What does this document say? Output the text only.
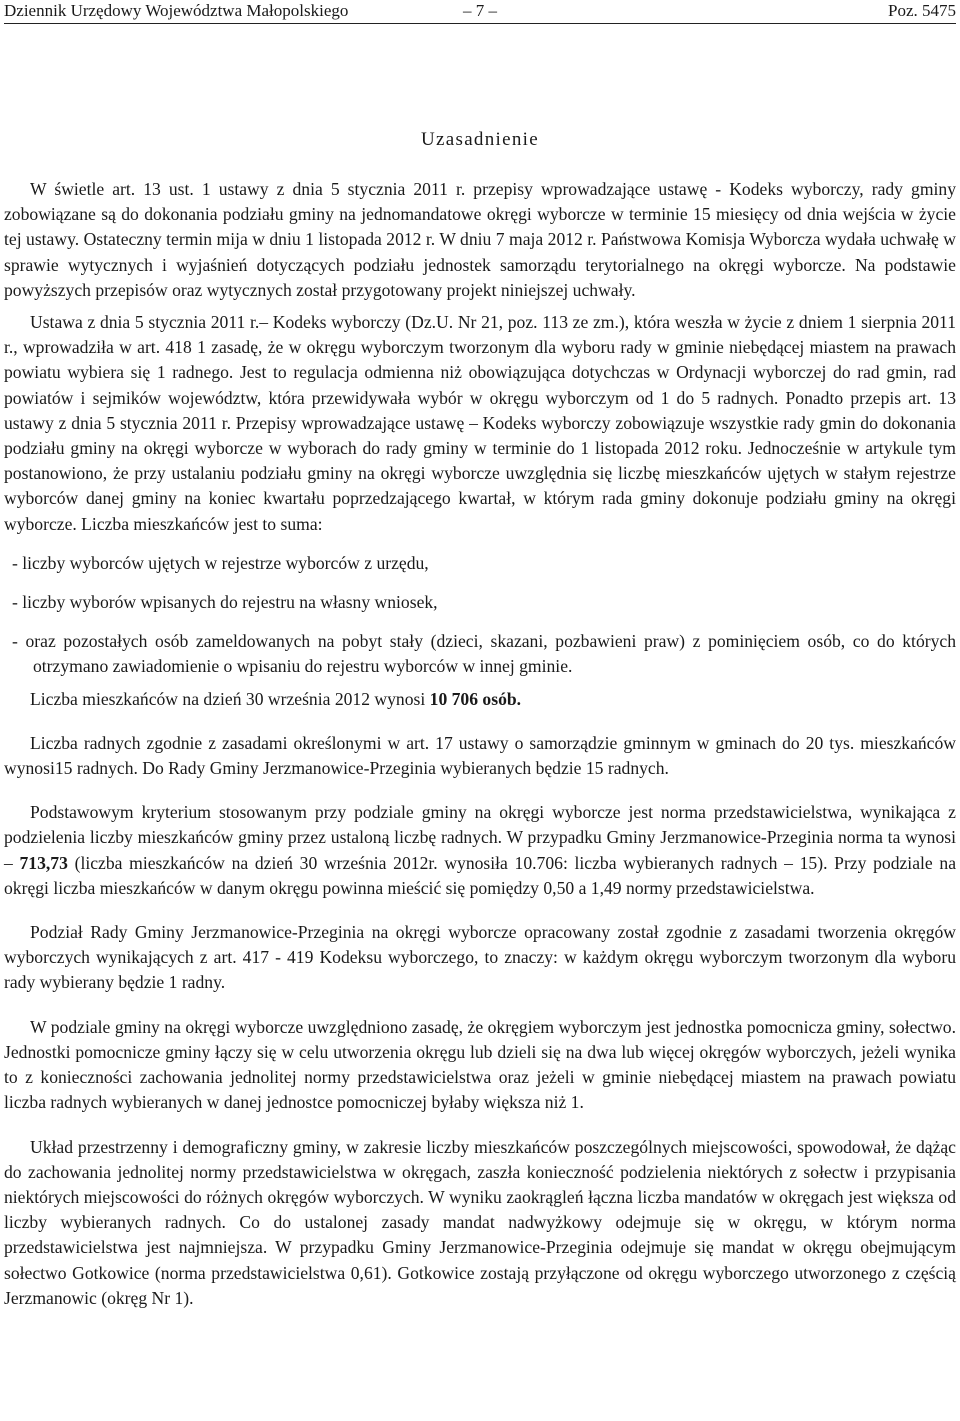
Dziennik Urzędowy Województwa Małopolskiego	– 7 –	Poz. 5475
Uzasadnienie

W świetle art. 13 ust. 1 ustawy z dnia 5 stycznia 2011 r. przepisy wprowadzające ustawę - Kodeks wyborczy, rady gminy zobowiązane są do dokonania podziału gminy na jednomandatowe okręgi wyborcze w terminie 15 miesięcy od dnia wejścia w życie tej ustawy. Ostateczny termin mija w dniu 1 listopada 2012 r. W dniu 7 maja 2012 r. Państwowa Komisja Wyborcza wydała uchwałę w sprawie wytycznych i wyjaśnień dotyczących podziału jednostek samorządu terytorialnego na okręgi wyborcze. Na podstawie powyższych przepisów oraz wytycznych został przygotowany projekt niniejszej uchwały.

Ustawa z dnia 5 stycznia 2011 r.– Kodeks wyborczy (Dz.U. Nr 21, poz. 113 ze zm.), która weszła w życie z dniem 1 sierpnia 2011 r., wprowadziła w art. 418 1 zasadę, że w okręgu wyborczym tworzonym dla wyboru rady w gminie niebędącej miastem na prawach powiatu wybiera się 1 radnego. Jest to regulacja odmienna niż obowiązująca dotychczas w Ordynacji wyborczej do rad gmin, rad powiatów i sejmików województw, która przewidywała wybór w okręgu wyborczym od 1 do 5 radnych. Ponadto przepis art. 13 ustawy z dnia 5 stycznia 2011 r. Przepisy wprowadzające ustawę – Kodeks wyborczy zobowiązuje wszystkie rady gmin do dokonania podziału gminy na okręgi wyborcze w wyborach do rady gminy w terminie do 1 listopada 2012 roku. Jednocześnie w artykule tym postanowiono, że przy ustalaniu podziału gminy na okręgi wyborcze uwzględnia się liczbę mieszkańców ujętych w stałym rejestrze wyborców danej gminy na koniec kwartału poprzedzającego kwartał, w którym rada gminy dokonuje podziału gminy na okręgi wyborcze. Liczba mieszkańców jest to suma:

- liczby wyborców ujętych w rejestrze wyborców z urzędu,

- liczby wyborów wpisanych do rejestru na własny wniosek,

- oraz pozostałych osób zameldowanych na pobyt stały (dzieci, skazani, pozbawieni praw) z pominięciem osób, co do których otrzymano zawiadomienie o wpisaniu do rejestru wyborców w innej gminie.

Liczba mieszkańców na dzień 30 września 2012 wynosi 10 706 osób.

Liczba radnych zgodnie z zasadami określonymi w art. 17 ustawy o samorządzie gminnym w gminach do 20 tys. mieszkańców wynosi15 radnych. Do Rady Gminy Jerzmanowice-Przeginia wybieranych będzie 15 radnych.

Podstawowym kryterium stosowanym przy podziale gminy na okręgi wyborcze jest norma przedstawicielstwa, wynikająca z podzielenia liczby mieszkańców gminy przez ustaloną liczbę radnych. W przypadku Gminy Jerzmanowice-Przeginia norma ta wynosi – 713,73 (liczba mieszkańców na dzień 30 września 2012r. wynosiła 10.706: liczba wybieranych radnych – 15). Przy podziale na okręgi liczba mieszkańców w danym okręgu powinna mieścić się pomiędzy 0,50 a 1,49 normy przedstawicielstwa.

Podział Rady Gminy Jerzmanowice-Przeginia na okręgi wyborcze opracowany został zgodnie z zasadami tworzenia okręgów wyborczych wynikających z art. 417 - 419 Kodeksu wyborczego, to znaczy: w każdym okręgu wyborczym tworzonym dla wyboru rady wybierany będzie 1 radny.

W podziale gminy na okręgi wyborcze uwzględniono zasadę, że okręgiem wyborczym jest jednostka pomocnicza gminy, sołectwo. Jednostki pomocnicze gminy łączy się w celu utworzenia okręgu lub dzieli się na dwa lub więcej okręgów wyborczych, jeżeli wynika to z konieczności zachowania jednolitej normy przedstawicielstwa oraz jeżeli w gminie niebędącej miastem na prawach powiatu liczba radnych wybieranych w danej jednostce pomocniczej byłaby większa niż 1.

Układ przestrzenny i demograficzny gminy, w zakresie liczby mieszkańców poszczególnych miejscowości, spowodował, że dążąc do zachowania jednolitej normy przedstawicielstwa w okręgach, zaszła konieczność podzielenia niektórych z sołectw i przypisania niektórych miejscowości do różnych okręgów wyborczych. W wyniku zaokrągleń łączna liczba mandatów w okręgach jest większa od liczby wybieranych radnych. Co do ustalonej zasady mandat nadwyżkowy odejmuje się w okręgu, w którym norma przedstawicielstwa jest najmniejsza. W przypadku Gminy Jerzmanowice-Przeginia odejmuje się mandat w okręgu obejmującym sołectwo Gotkowice (norma przedstawicielstwa 0,61). Gotkowice zostają przyłączone od okręgu wyborczego utworzonego z częścią Jerzmanowic (okręg Nr 1).
